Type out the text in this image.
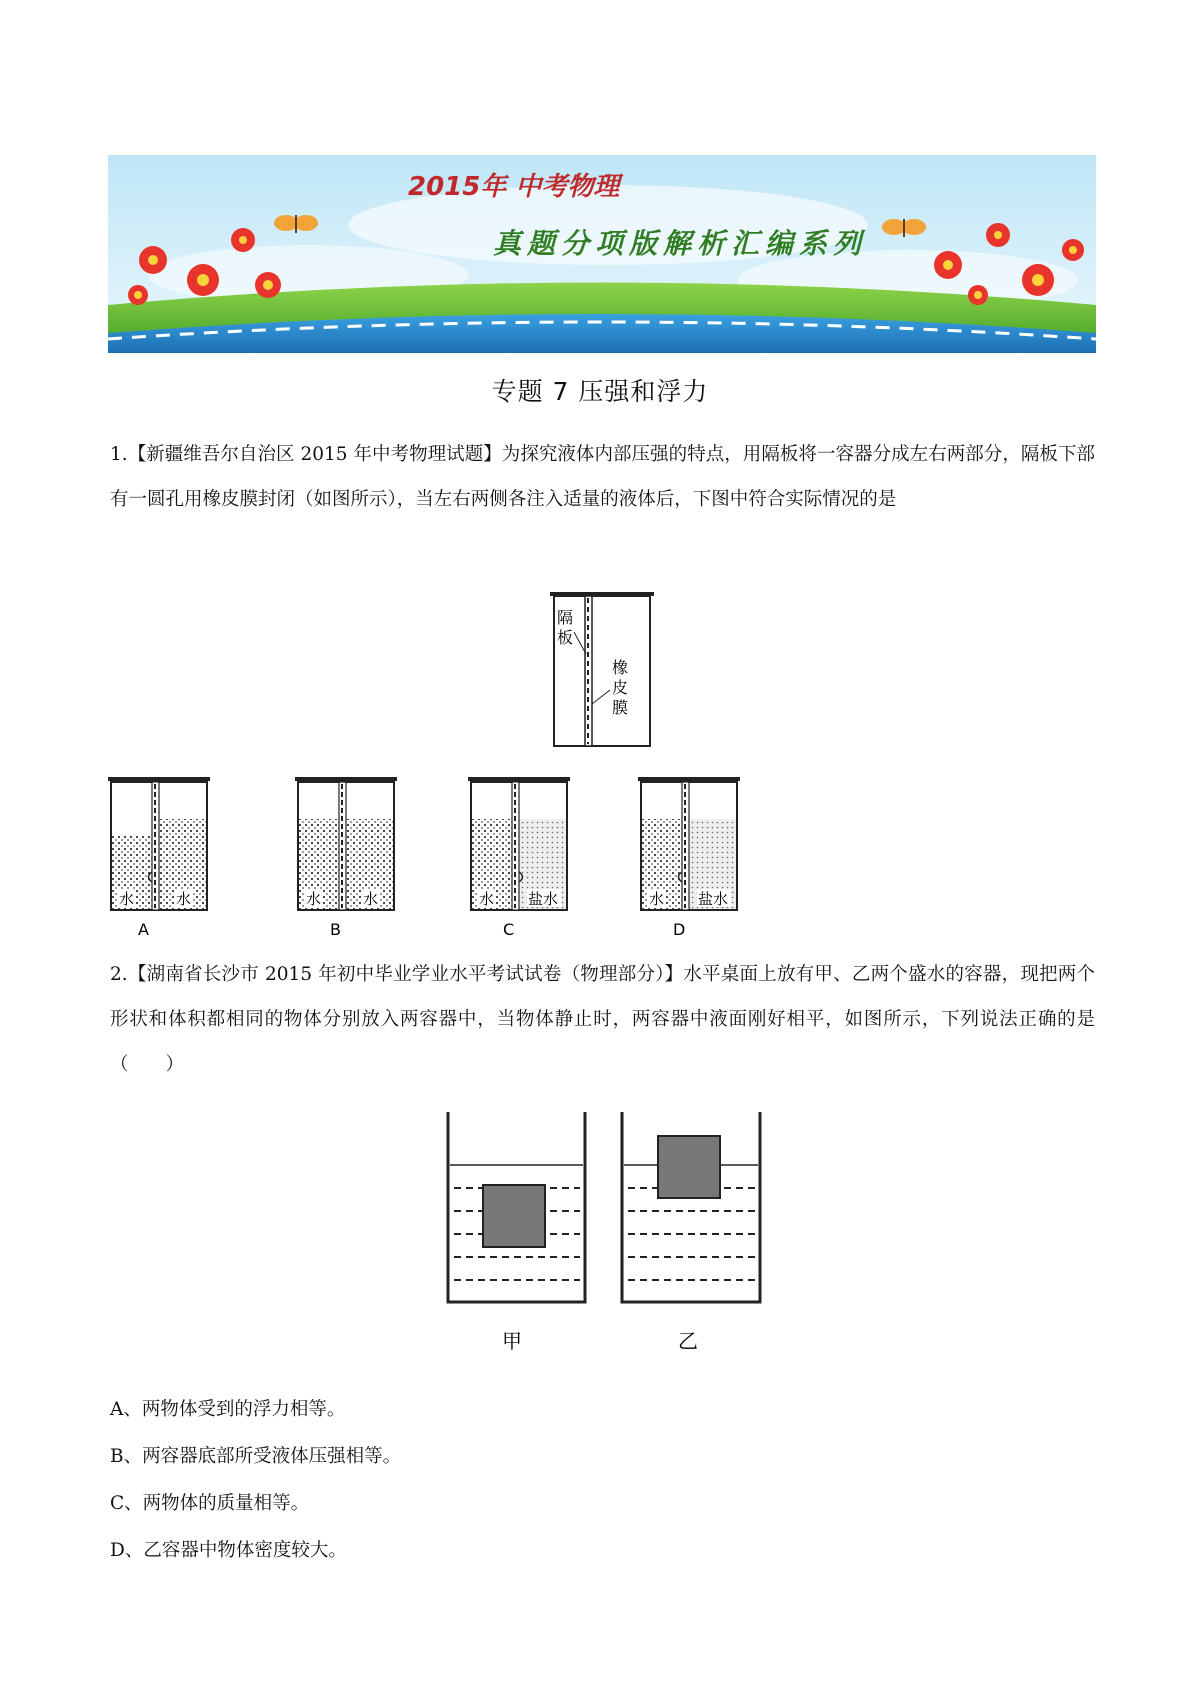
2015年 中考物理
真题分项版解析汇编系列
专题 7 压强和浮力

1.【新疆维吾尔自治区 2015 年中考物理试题】为探究液体内部压强的特点，用隔板将一容器分成左右两部分，隔板下部有一圆孔用橡皮膜封闭（如图所示），当左右两侧各注入适量的液体后，下图中符合实际情况的是

隔
板
橡
皮
膜
水	水
A
水	水
B
水 盐水
C
水 盐水
D

2.【湖南省长沙市 2015 年初中毕业学业水平考试试卷（物理部分）】水平桌面上放有甲、乙两个盛水的容器，现把两个形状和体积都相同的物体分别放入两容器中，当物体静止时，两容器中液面刚好相平，如图所示，下列说法正确的是（　　）

甲	乙
A、两物体受到的浮力相等。
B、两容器底部所受液体压强相等。
C、两物体的质量相等。
D、乙容器中物体密度较大。
